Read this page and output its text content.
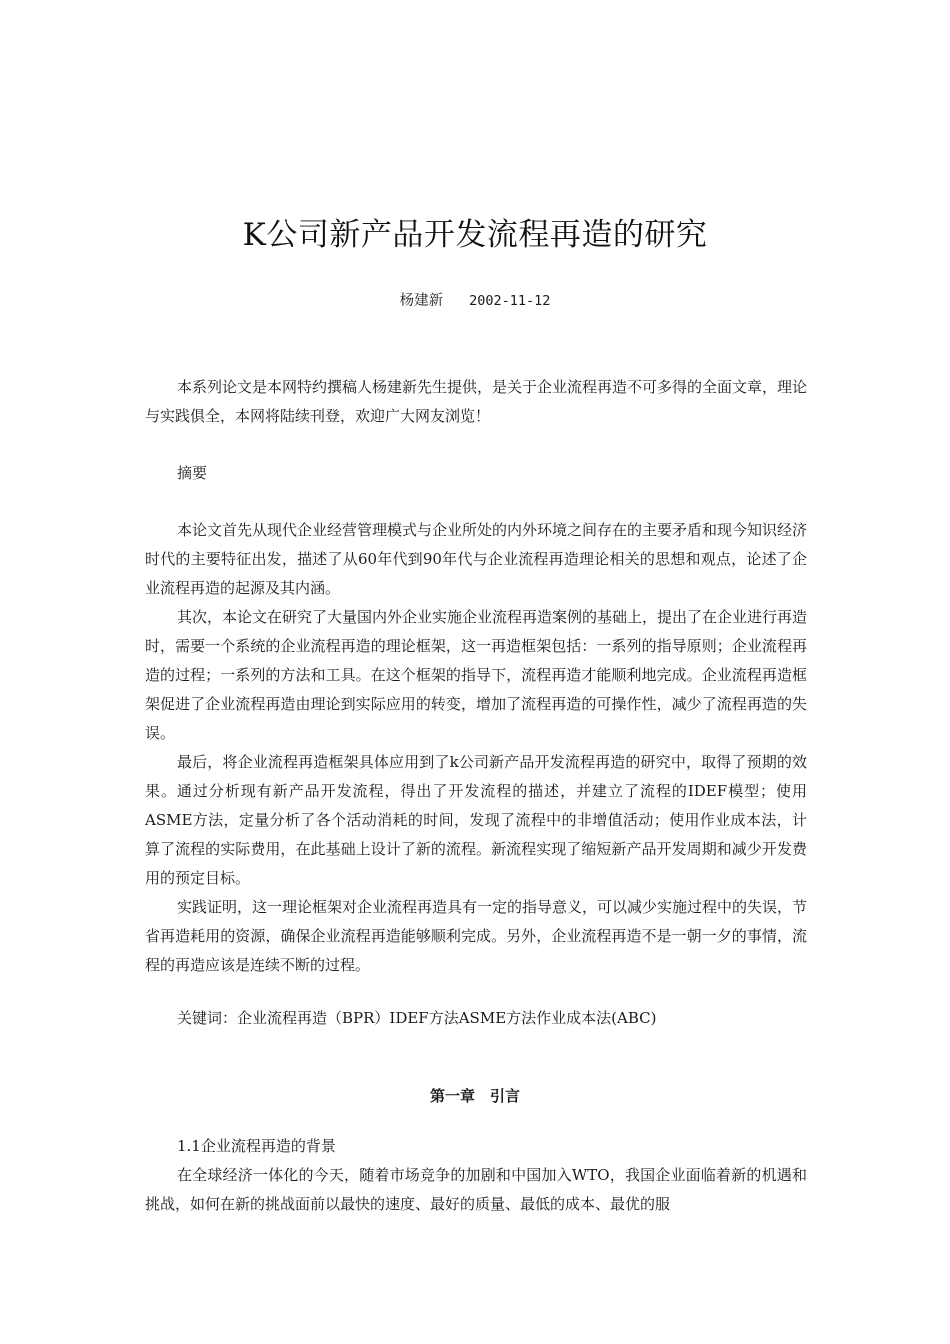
K公司新产品开发流程再造的研究
杨建新 2002-11-12

本系列论文是本网特约撰稿人杨建新先生提供，是关于企业流程再造不可多得的全面文章，理论与实践俱全，本网将陆续刊登，欢迎广大网友浏览！

摘要

本论文首先从现代企业经营管理模式与企业所处的内外环境之间存在的主要矛盾和现今知识经济时代的主要特征出发，描述了从60年代到90年代与企业流程再造理论相关的思想和观点，论述了企业流程再造的起源及其内涵。

其次，本论文在研究了大量国内外企业实施企业流程再造案例的基础上，提出了在企业进行再造时，需要一个系统的企业流程再造的理论框架，这一再造框架包括：一系列的指导原则；企业流程再造的过程；一系列的方法和工具。在这个框架的指导下，流程再造才能顺利地完成。企业流程再造框架促进了企业流程再造由理论到实际应用的转变，增加了流程再造的可操作性，减少了流程再造的失误。

最后，将企业流程再造框架具体应用到了k公司新产品开发流程再造的研究中，取得了预期的效果。通过分析现有新产品开发流程，得出了开发流程的描述，并建立了流程的IDEF模型；使用ASME方法，定量分析了各个活动消耗的时间，发现了流程中的非增值活动；使用作业成本法，计算了流程的实际费用，在此基础上设计了新的流程。新流程实现了缩短新产品开发周期和减少开发费用的预定目标。

实践证明，这一理论框架对企业流程再造具有一定的指导意义，可以减少实施过程中的失误，节省再造耗用的资源，确保企业流程再造能够顺利完成。另外，企业流程再造不是一朝一夕的事情，流程的再造应该是连续不断的过程。

关键词：企业流程再造（BPR）IDEF方法ASME方法作业成本法(ABC)

第一章　引言

1.1企业流程再造的背景

在全球经济一体化的今天，随着市场竞争的加剧和中国加入WTO，我国企业面临着新的机遇和挑战，如何在新的挑战面前以最快的速度、最好的质量、最低的成本、最优的服
